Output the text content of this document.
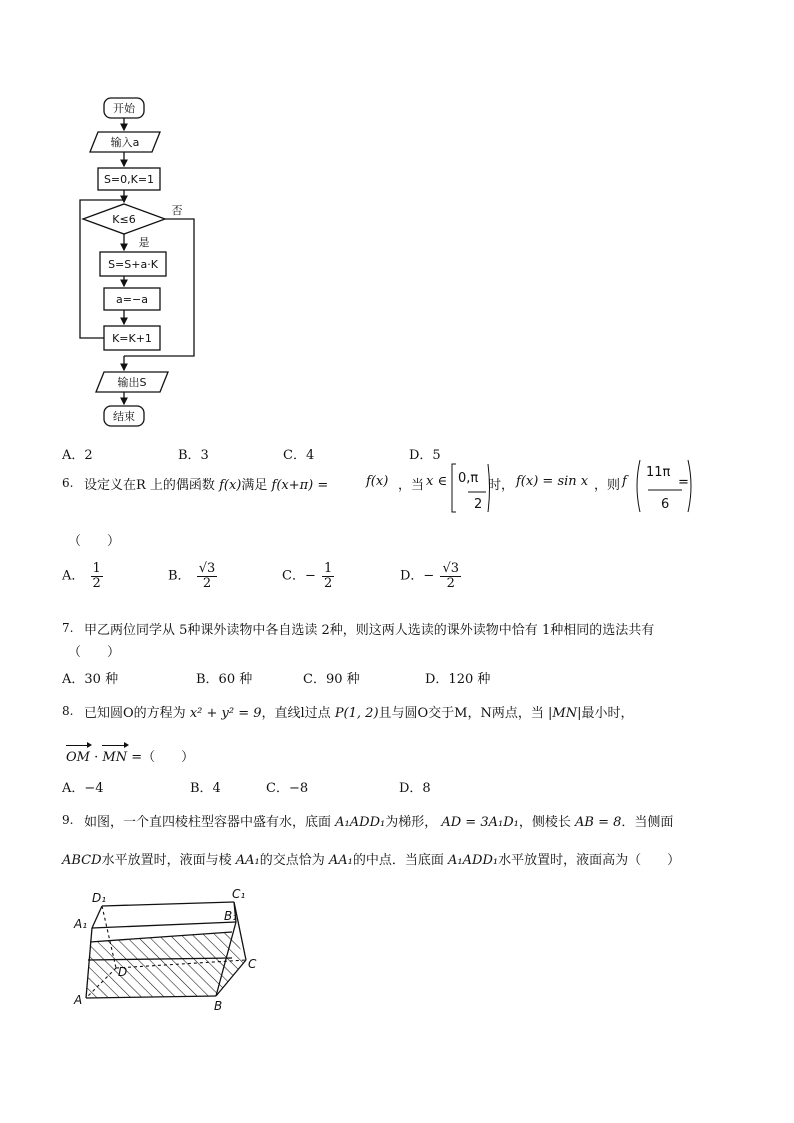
开始
输入a
S=0,K=1
K≤6
否
是
S=S+a·K
a=−a
K=K+1
输出S
结束
A．2	B．3	C．4	D．5
6. 设定义在R 上的偶函数 f(x)满足 f(x+π) =	f(x) ，当 x ∈ 0,π
2
时， f(x) = sin x ，则 f
11π
6
=
（　　）
A． $\frac{1}{2}$	B． $\frac{√3}{2}$	C．− $\frac{1}{2}$	D．− $\frac{√3}{2}$
7. 甲乙两位同学从 5种课外读物中各自选读 2种，则这两人选读的课外读物中恰有 1种相同的选法共有
（　　）
A．30 种	B．60 种	C．90 种	D．120 种
8. 已知圆O的方程为 x² + y² = 9，直线l过点 P(1, 2)且与圆O交于M，N两点，当 |MN|最小时，
OM · MN =（　　）
A．−4	B．4	C．−8	D．8
9. 如图，一个直四棱柱型容器中盛有水，底面 A₁ADD₁为梯形， AD = 3A₁D₁，侧棱长 AB = 8．当侧面
ABCD水平放置时，液面与棱 AA₁的交点恰为 AA₁的中点．当底面 A₁ADD₁水平放置时，液面高为（　　）
D₁	C₁
A₁
B₁
D
C
A	B
